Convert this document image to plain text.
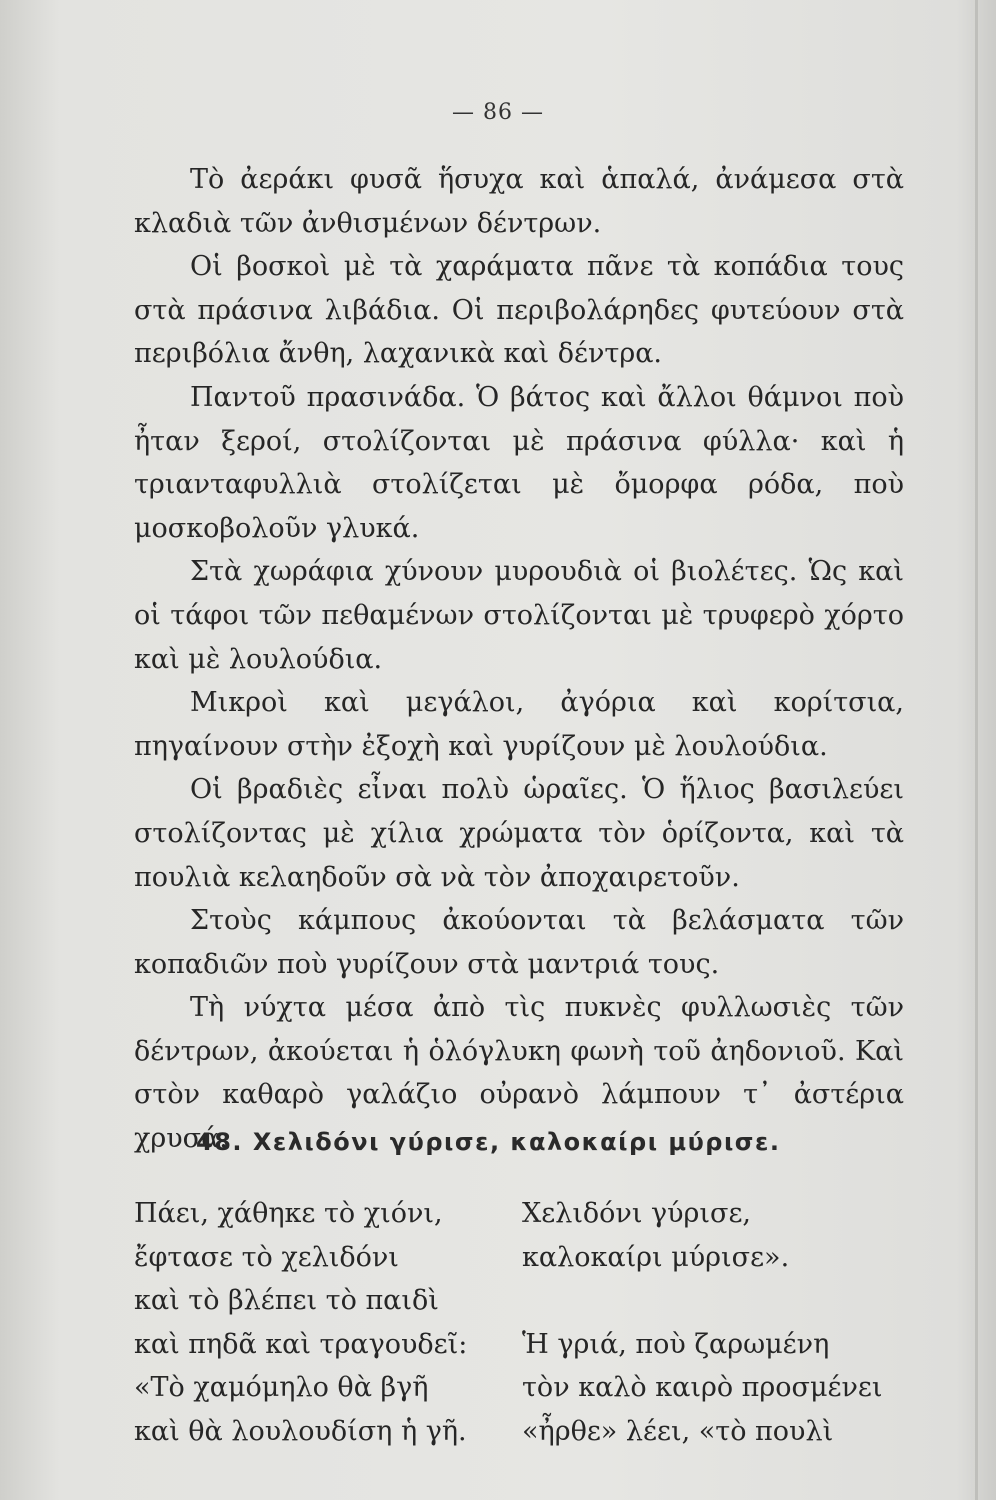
— 86 —

Τὸ ἀεράκι φυσᾶ ἥσυχα καὶ ἁπαλά, ἀνάμεσα στὰ κλαδιὰ τῶν ἀνθισμένων δέντρων.

Οἱ βοσκοὶ μὲ τὰ χαράματα πᾶνε τὰ κοπάδια τους στὰ πράσινα λιβάδια. Οἱ περιβολάρηδες φυτεύουν στὰ περιβόλια ἄνθη, λαχανικὰ καὶ δέντρα.

Παντοῦ πρασινάδα. Ὁ βάτος καὶ ἄλλοι θάμνοι ποὺ ἦταν ξεροί, στολίζονται μὲ πράσινα φύλλα· καὶ ἡ τριανταφυλλιὰ στολίζεται μὲ ὄμορφα ρόδα, ποὺ μοσκοβολοῦν γλυκά.

Στὰ χωράφια χύνουν μυρουδιὰ οἱ βιολέτες. Ὡς καὶ οἱ τάφοι τῶν πεθαμένων στολίζονται μὲ τρυφερὸ χόρτο καὶ μὲ λουλούδια.

Μικροὶ καὶ μεγάλοι, ἀγόρια καὶ κορίτσια, πηγαίνουν στὴν ἐξοχὴ καὶ γυρίζουν μὲ λουλούδια.

Οἱ βραδιὲς εἶναι πολὺ ὡραῖες. Ὁ ἥλιος βασιλεύει στολίζοντας μὲ χίλια χρώματα τὸν ὁρίζοντα, καὶ τὰ πουλιὰ κελαηδοῦν σὰ νὰ τὸν ἀποχαιρετοῦν.

Στοὺς κάμπους ἀκούονται τὰ βελάσματα τῶν κοπαδιῶν ποὺ γυρίζουν στὰ μαντριά τους.

Τὴ νύχτα μέσα ἀπὸ τὶς πυκνὲς φυλλωσιὲς τῶν δέντρων, ἀκούεται ἡ ὁλόγλυκη φωνὴ τοῦ ἀηδονιοῦ. Καὶ στὸν καθαρὸ γαλάζιο οὐρανὸ λάμπουν τ᾽ ἀστέρια χρυσά.

48. Χελιδόνι γύρισε, καλοκαίρι μύρισε.
Πάει, χάθηκε τὸ χιόνι,
ἔφτασε τὸ χελιδόνι
καὶ τὸ βλέπει τὸ παιδὶ
καὶ πηδᾶ καὶ τραγουδεῖ:
«Τὸ χαμόμηλο θὰ βγῆ
καὶ θὰ λουλουδίση ἡ γῆ.
Χελιδόνι γύρισε,
καλοκαίρι μύρισε».
Ἡ γριά, ποὺ ζαρωμένη
τὸν καλὸ καιρὸ προσμένει
«ἦρθε» λέει, «τὸ πουλὶ
